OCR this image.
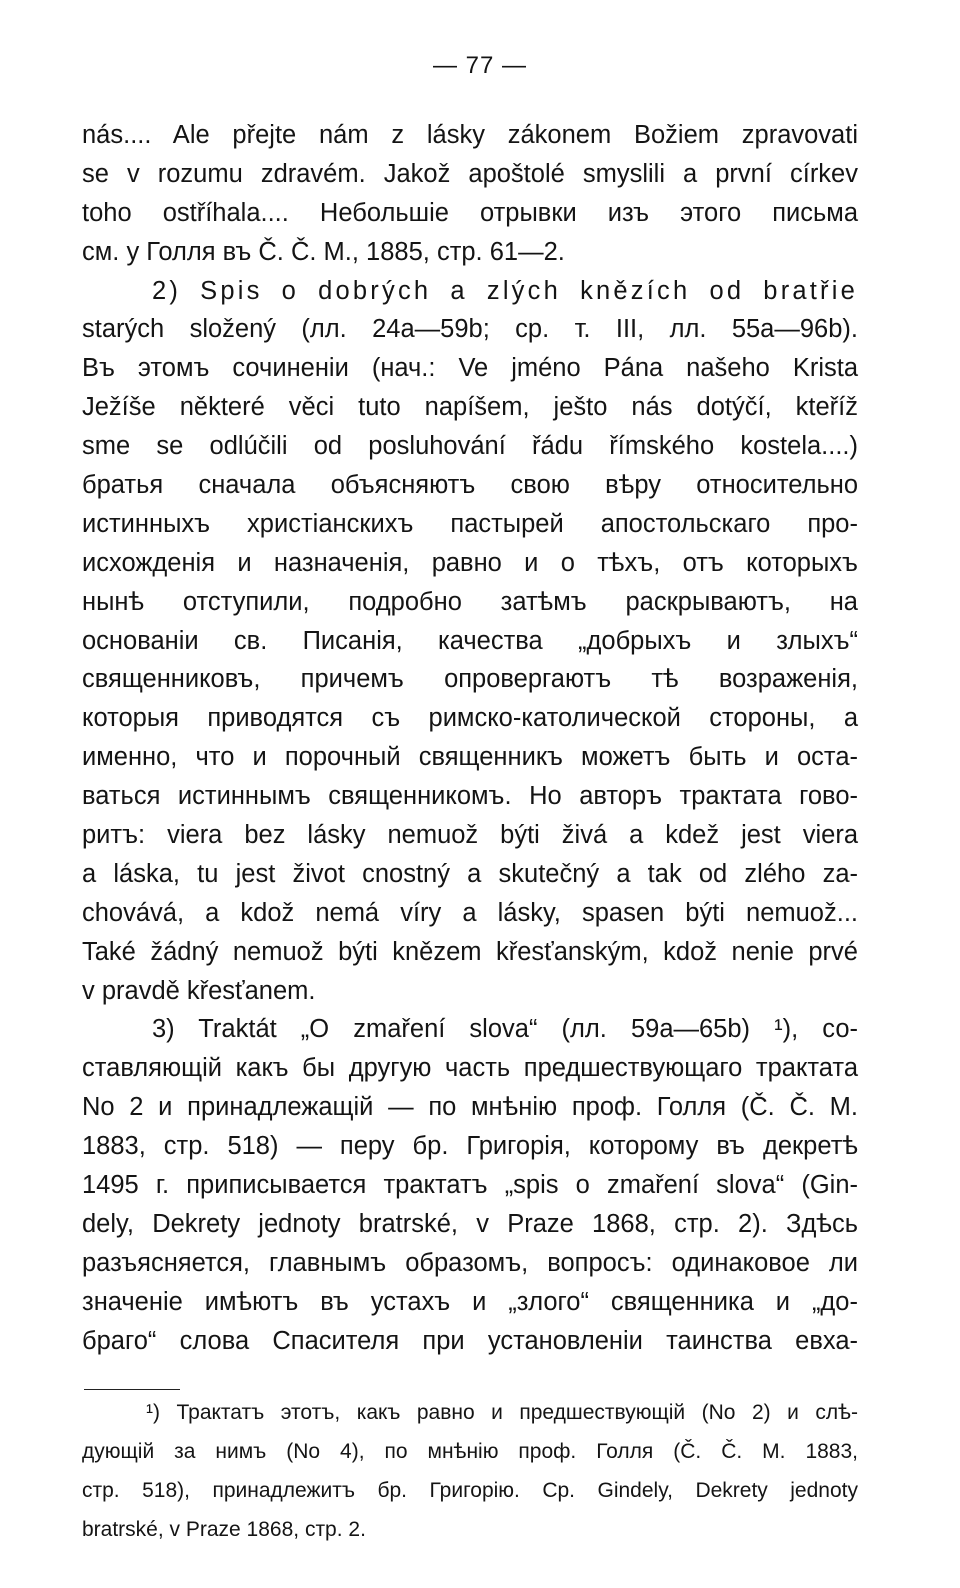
— 77 —
nás.... Ale přejte nám z lásky zákonem Božiem zpravovati
se v rozumu zdravém. Jakož apoštolé smyslili a první církev
toho ostříhala.... Небольшіе отрывки изъ этого письма
см. у Голля въ Č. Č. M., 1885, стр. 61—2.
2) Spis o dobrých a zlých knězích od bratřie
starých složený (лл. 24a—59b; ср. т. III, лл. 55a—96b).
Въ этомъ сочиненіи (нач.: Ve jméno Pána našeho Krista
Ježíše některé věci tuto napíšem, ješto nás dotýčí, kteříž
sme se odlúčili od posluhování řádu římského kostela....)
братья сначала объясняютъ свою вѣру относительно
истинныхъ христіанскихъ пастырей апостольскаго про-
исхожденія и назначенія, равно и о тѣхъ, отъ которыхъ
нынѣ отступили, подробно затѣмъ раскрываютъ, на
основаніи св. Писанія, качества „добрыхъ и злыхъ“
священниковъ, причемъ опровергаютъ тѣ возраженія,
которыя приводятся съ римско-католической стороны, а
именно, что и порочный священникъ можетъ быть и оста-
ваться истиннымъ священникомъ. Но авторъ трактата гово-
ритъ: viera bez lásky nemuož býti živá a kdež jest viera
a láska, tu jest život cnostný a skutečný a tak od zlého za-
chovává, a kdož nemá víry a lásky, spasen býti nemuož...
Také žádný nemuož býti knězem křesťanským, kdož nenie prvé
v pravdě křesťanem.
3) Traktát „O zmaření slova“ (лл. 59a—65b) ¹), со-
ставляющій какъ бы другую часть предшествующаго трактата
No 2 и принадлежащій — по мнѣнію проф. Голля (Č. Č. M.
1883, стр. 518) — перу бр. Григорія, которому въ декретѣ
1495 г. приписывается трактатъ „spis o zmaření slova“ (Gin-
dely, Dekrety jednoty bratrské, v Praze 1868, стр. 2). Здѣсь
разъясняется, главнымъ образомъ, вопросъ: одинаковое ли
значеніе имѣютъ въ устахъ и „злого“ священника и „до-
браго“ слова Спасителя при установленіи таинства евха-
¹) Трактатъ этотъ, какъ равно и предшествующій (No 2) и слѣ-
дующій за нимъ (No 4), по мнѣнію проф. Голля (Č. Č. M. 1883,
стр. 518), принадлежитъ бр. Григорію. Ср. Gindely, Dekrety jednoty
bratrské, v Praze 1868, стр. 2.
